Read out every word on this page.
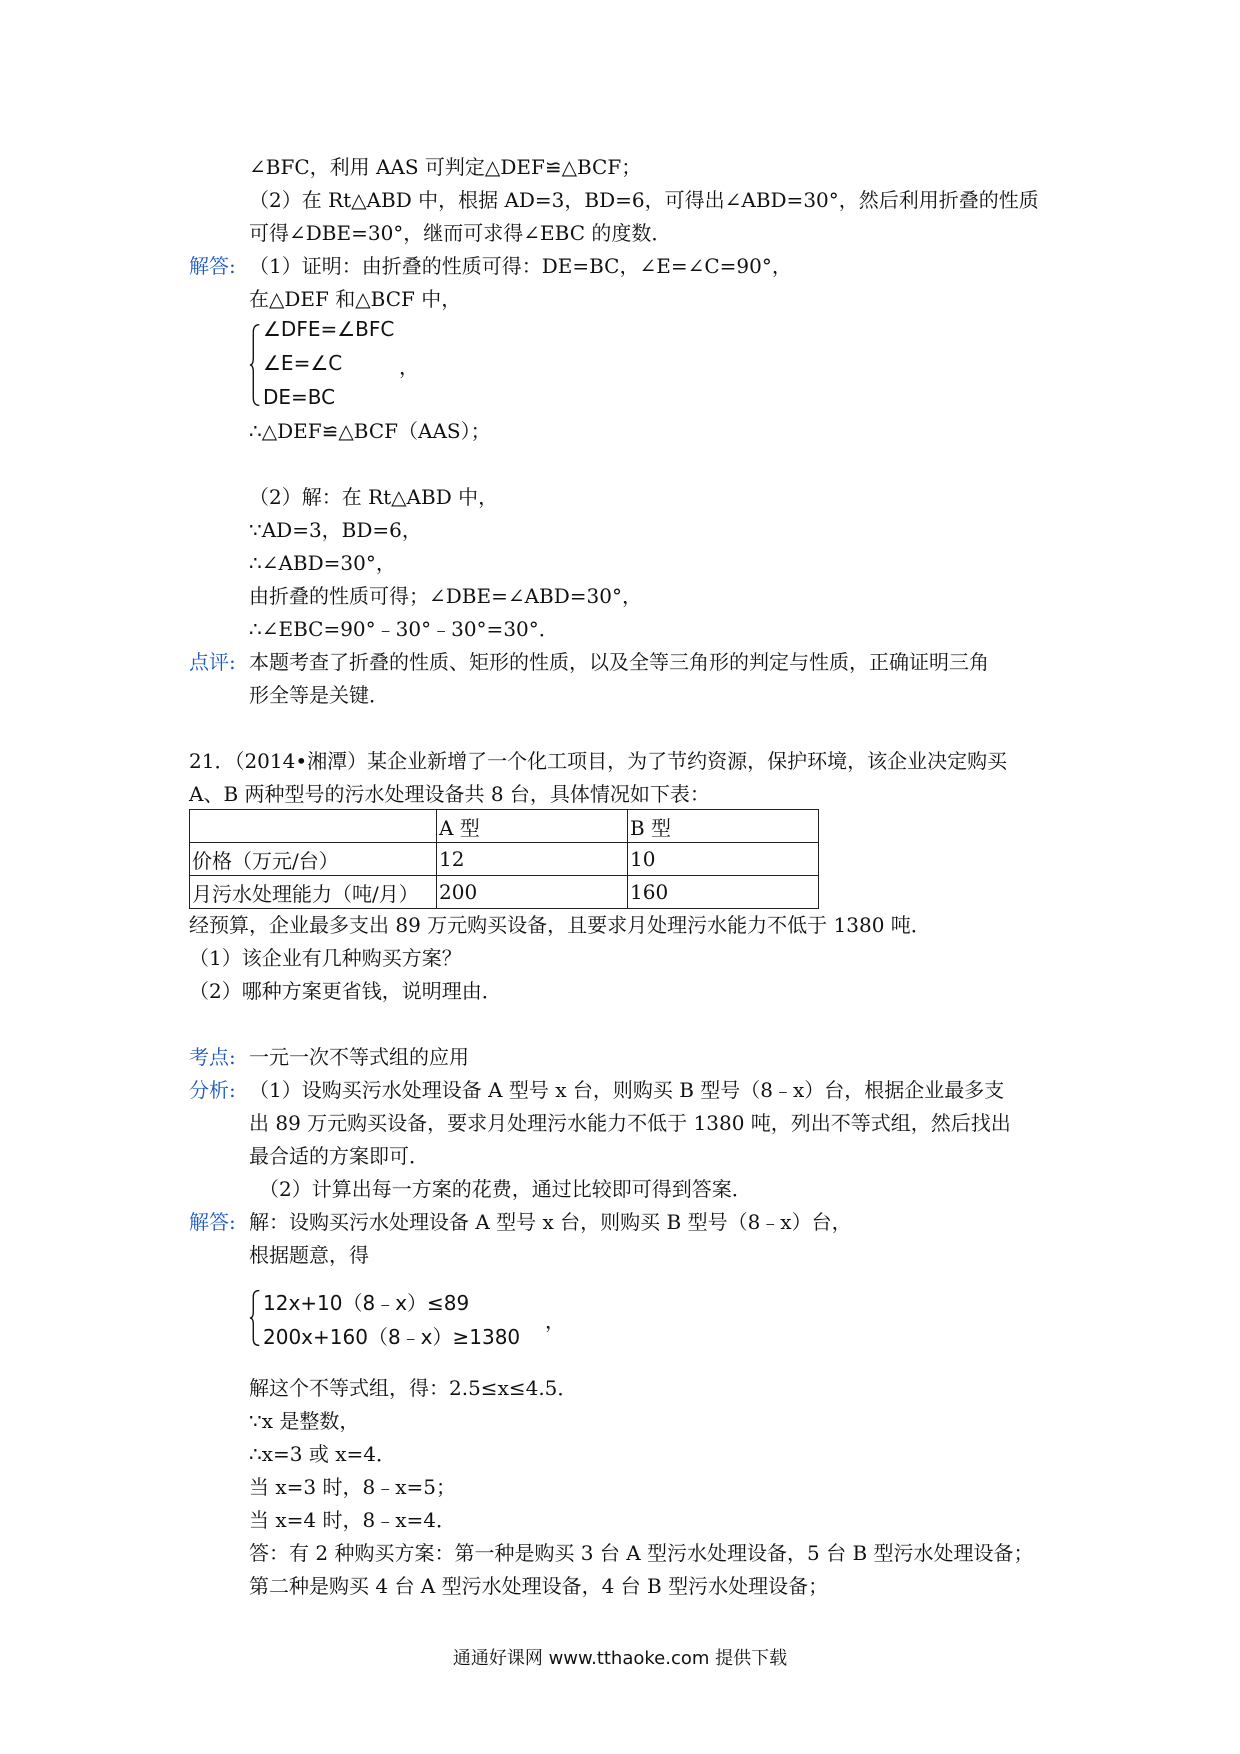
∠BFC，利用 AAS 可判定△DEF≌△BCF；
（2）在 Rt△ABD 中，根据 AD=3，BD=6，可得出∠ABD=30°，然后利用折叠的性质
可得∠DBE=30°，继而可求得∠EBC 的度数．
解答: （1）证明：由折叠的性质可得：DE=BC，∠E=∠C=90°，
在△DEF 和△BCF 中，
∠DFE=∠BFC
∠E=∠C
DE=BC
，
∴△DEF≌△BCF（AAS）；
（2）解：在 Rt△ABD 中，
∵AD=3，BD=6，
∴∠ABD=30°，
由折叠的性质可得；∠DBE=∠ABD=30°，
∴∠EBC=90°﹣30°﹣30°=30°．
点评: 本题考查了折叠的性质、矩形的性质，以及全等三角形的判定与性质，正确证明三角
形全等是关键．
21．（2014•湘潭）某企业新增了一个化工项目，为了节约资源，保护环境，该企业决定购买
A、B 两种型号的污水处理设备共 8 台，具体情况如下表：
	A 型	B 型
价格（万元/台）	12	10
月污水处理能力（吨/月）	200	160
经预算，企业最多支出 89 万元购买设备，且要求月处理污水能力不低于 1380 吨．
（1）该企业有几种购买方案？
（2）哪种方案更省钱，说明理由．
考点: 一元一次不等式组的应用
分析: （1）设购买污水处理设备 A 型号 x 台，则购买 B 型号（8﹣x）台，根据企业最多支
出 89 万元购买设备，要求月处理污水能力不低于 1380 吨，列出不等式组，然后找出
最合适的方案即可．
（2）计算出每一方案的花费，通过比较即可得到答案．
解答: 解：设购买污水处理设备 A 型号 x 台，则购买 B 型号（8﹣x）台，
根据题意，得
12x+10（8﹣x）≤89
200x+160（8﹣x）≥1380
，
解这个不等式组，得：2.5≤x≤4.5．
∵x 是整数，
∴x=3 或 x=4．
当 x=3 时，8﹣x=5；
当 x=4 时，8﹣x=4．
答：有 2 种购买方案：第一种是购买 3 台 A 型污水处理设备，5 台 B 型污水处理设备；
第二种是购买 4 台 A 型污水处理设备，4 台 B 型污水处理设备；
通通好课网 www.tthaoke.com 提供下载
